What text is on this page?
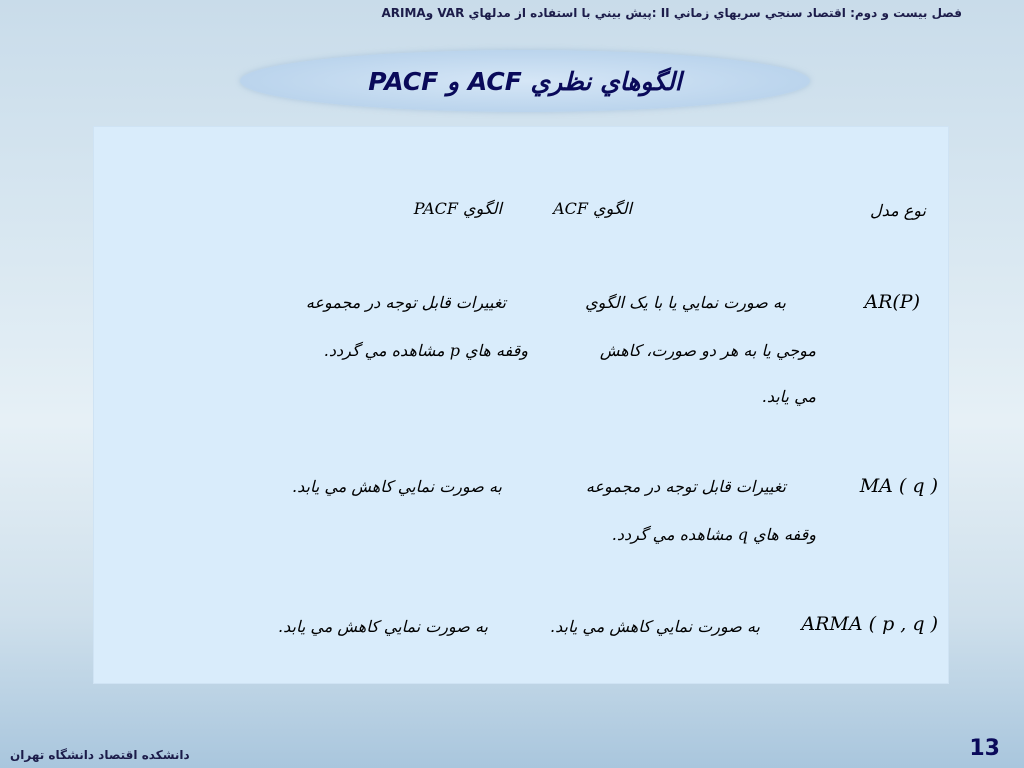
فصل بيست و دوم: اقتصاد سنجي سريهاي زماني II :پيش بيني با استفاده از مدلهاي VAR وARIMA
الگوهاي نظري ACF و PACF
نوع مدل
الگوي ACF
الگوي PACF
AR(P)
به صورت نمايي يا با يک الگوي
موجي يا به هر دو صورت، کاهش
مي يابد.
تغييرات قابل توجه در مجموعه
وقفه هاي p مشاهده مي گردد.
MA ( q )
تغييرات قابل توجه در مجموعه
وقفه هاي q مشاهده مي گردد.
به صورت نمايي کاهش مي يابد.
ARMA ( p , q )
به صورت نمايي کاهش مي يابد.
به صورت نمايي کاهش مي يابد.
دانشكده اقتصاد دانشگاه تهران	13
